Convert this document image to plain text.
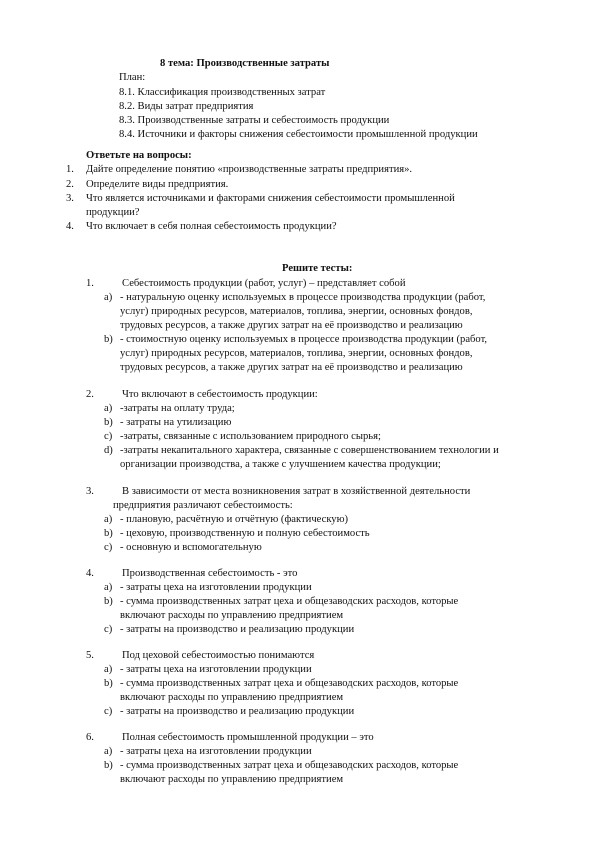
8 тема: Производственные затраты
План:
8.1. Классификация производственных затрат
8.2. Виды затрат предприятия
8.3. Производственные затраты и себестоимость продукции
8.4. Источники и факторы снижения себестоимости промышленной продукции
Ответьте на вопросы:
1. Дайте определение понятию «производственные затраты предприятия».
2. Определите виды предприятия.
3. Что является источниками и факторами снижения себестоимости промышленной
продукции?
4. Что включает в себя полная себестоимость продукции?
Решите тесты:
1.	Себестоимость продукции (работ, услуг) – представляет собой
a) - натуральную оценку используемых в процессе производства продукции (работ,
услуг) природных ресурсов, материалов, топлива, энергии, основных фондов,
трудовых ресурсов, а также других затрат на её производство и реализацию
b) - стоимостную оценку используемых в процессе производства продукции (работ,
услуг) природных ресурсов, материалов, топлива, энергии, основных фондов,
трудовых ресурсов, а также других затрат на её производство и реализацию
2.	Что включают в себестоимость продукции:
a) -затраты на оплату труда;
b) - затраты на утилизацию
c) -затраты, связанные с использованием природного сырья;
d) -затраты некапитального характера, связанные с совершенствованием технологии и
организации производства, а также с улучшением качества продукции;
3.	В зависимости от места возникновения затрат в хозяйственной деятельности
предприятия различают себестоимость:
a) - плановую, расчётную и отчётную (фактическую)
b) - цеховую, производственную и полную себестоимость
c) - основную и вспомогательную
4.	Производственная себестоимость - это
a) - затраты цеха на изготовлении продукции
b) - сумма производственных затрат цеха и общезаводских расходов, которые
включают расходы по управлению предприятием
c) - затраты на производство и реализацию продукции
5.	Под цеховой себестоимостью понимаются
a) - затраты цеха на изготовлении продукции
b) - сумма производственных затрат цеха и общезаводских расходов, которые
включают расходы по управлению предприятием
c) - затраты на производство и реализацию продукции
6.	Полная себестоимость промышленной продукции – это
a) - затраты цеха на изготовлении продукции
b) - сумма производственных затрат цеха и общезаводских расходов, которые
включают расходы по управлению предприятием
